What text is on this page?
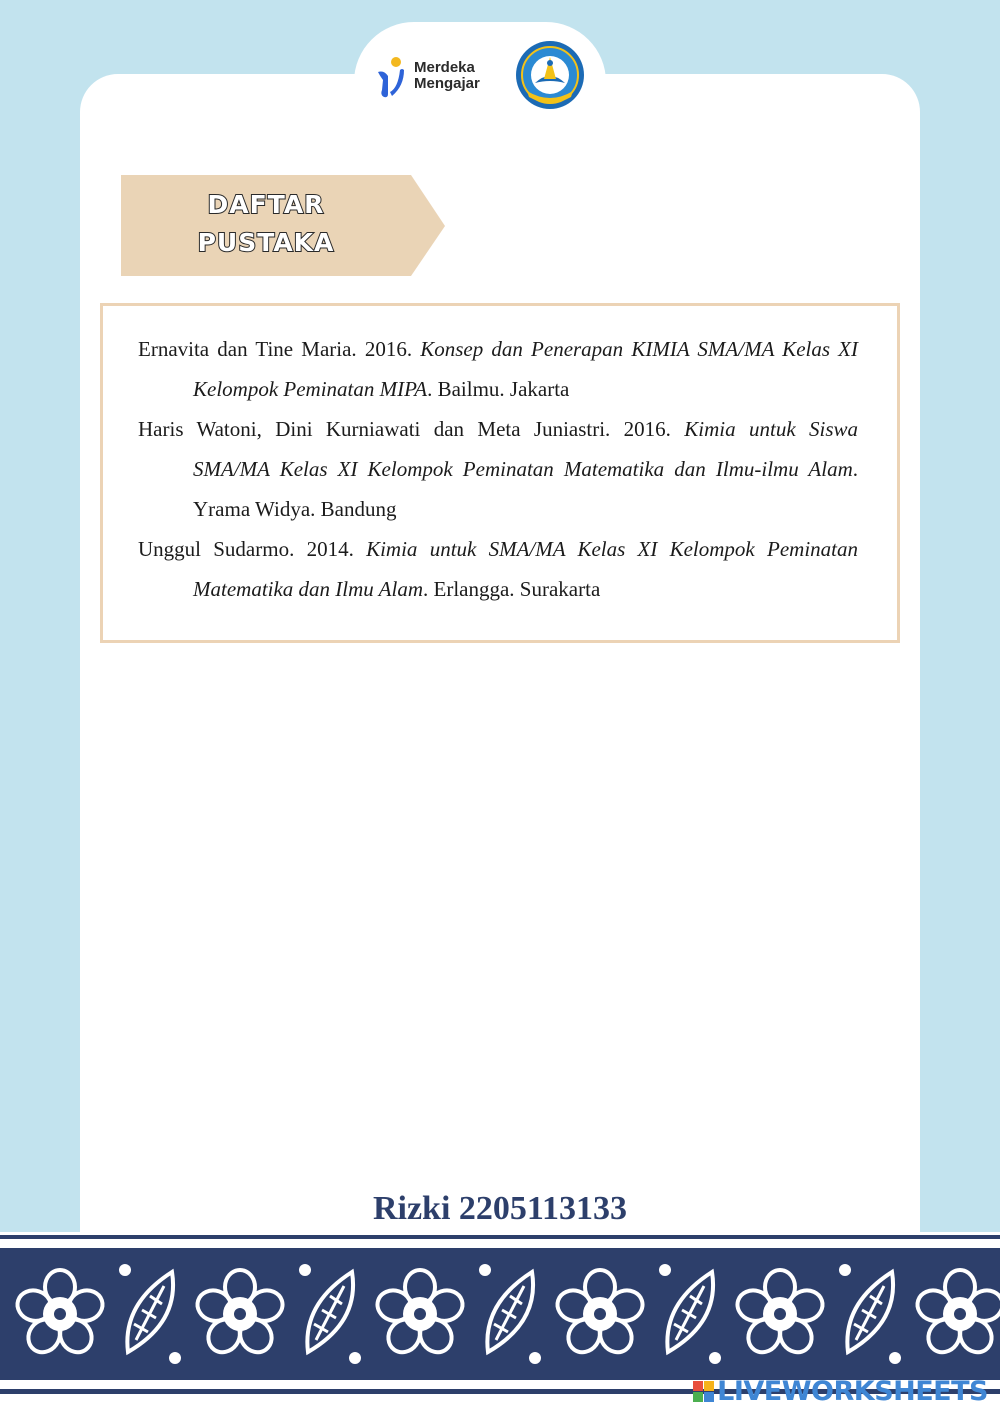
Merdeka
Mengajar
DAFTAR
PUSTAKA

Ernavita dan Tine Maria. 2016. Konsep dan Penerapan KIMIA SMA/MA Kelas XI Kelompok Peminatan MIPA. Bailmu. Jakarta

Haris Watoni, Dini Kurniawati dan Meta Juniastri. 2016. Kimia untuk Siswa SMA/MA Kelas XI Kelompok Peminatan Matematika dan Ilmu-ilmu Alam. Yrama Widya. Bandung

Unggul Sudarmo. 2014. Kimia untuk SMA/MA Kelas XI Kelompok Peminatan Matematika dan Ilmu Alam. Erlangga. Surakarta

Rizki 2205113133
LIVEWORKSHEETS
